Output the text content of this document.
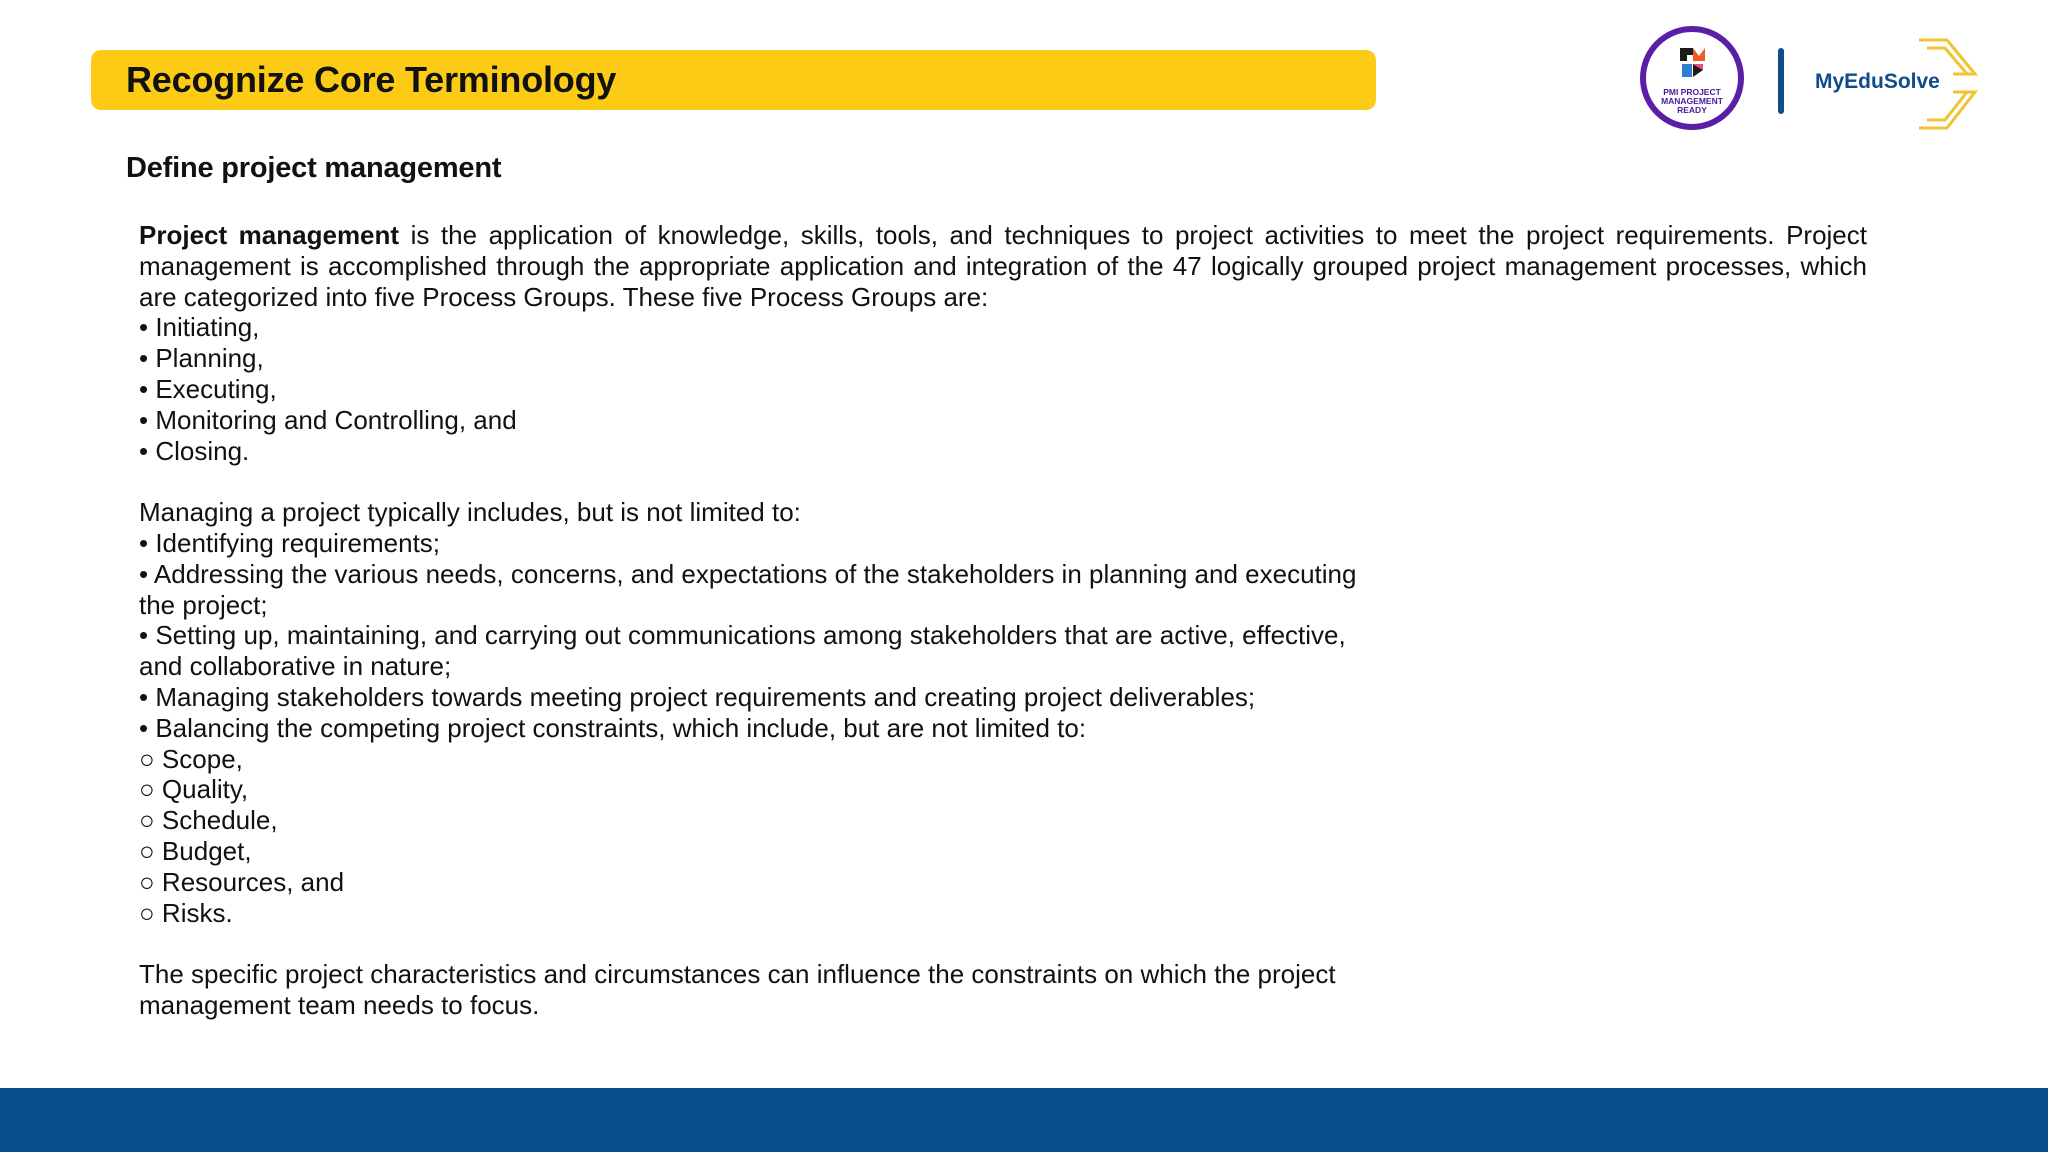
Recognize Core Terminology	PMI PROJECT
MANAGEMENT
READY
MyEduSolve
Define project management

Project management is the application of knowledge, skills, tools, and techniques to project activities to meet the project requirements. Project management is accomplished through the appropriate application and integration of the 47 logically grouped project management processes, which are categorized into five Process Groups. These five Process Groups are:

• Initiating,

• Planning,

• Executing,

• Monitoring and Controlling, and

• Closing.

Managing a project typically includes, but is not limited to:

• Identifying requirements;

• Addressing the various needs, concerns, and expectations of the stakeholders in planning and executing

the project;

• Setting up, maintaining, and carrying out communications among stakeholders that are active, effective,

and collaborative in nature;

• Managing stakeholders towards meeting project requirements and creating project deliverables;

• Balancing the competing project constraints, which include, but are not limited to:

○ Scope,

○ Quality,

○ Schedule,

○ Budget,

○ Resources, and

○ Risks.

The specific project characteristics and circumstances can influence the constraints on which the project

management team needs to focus.
